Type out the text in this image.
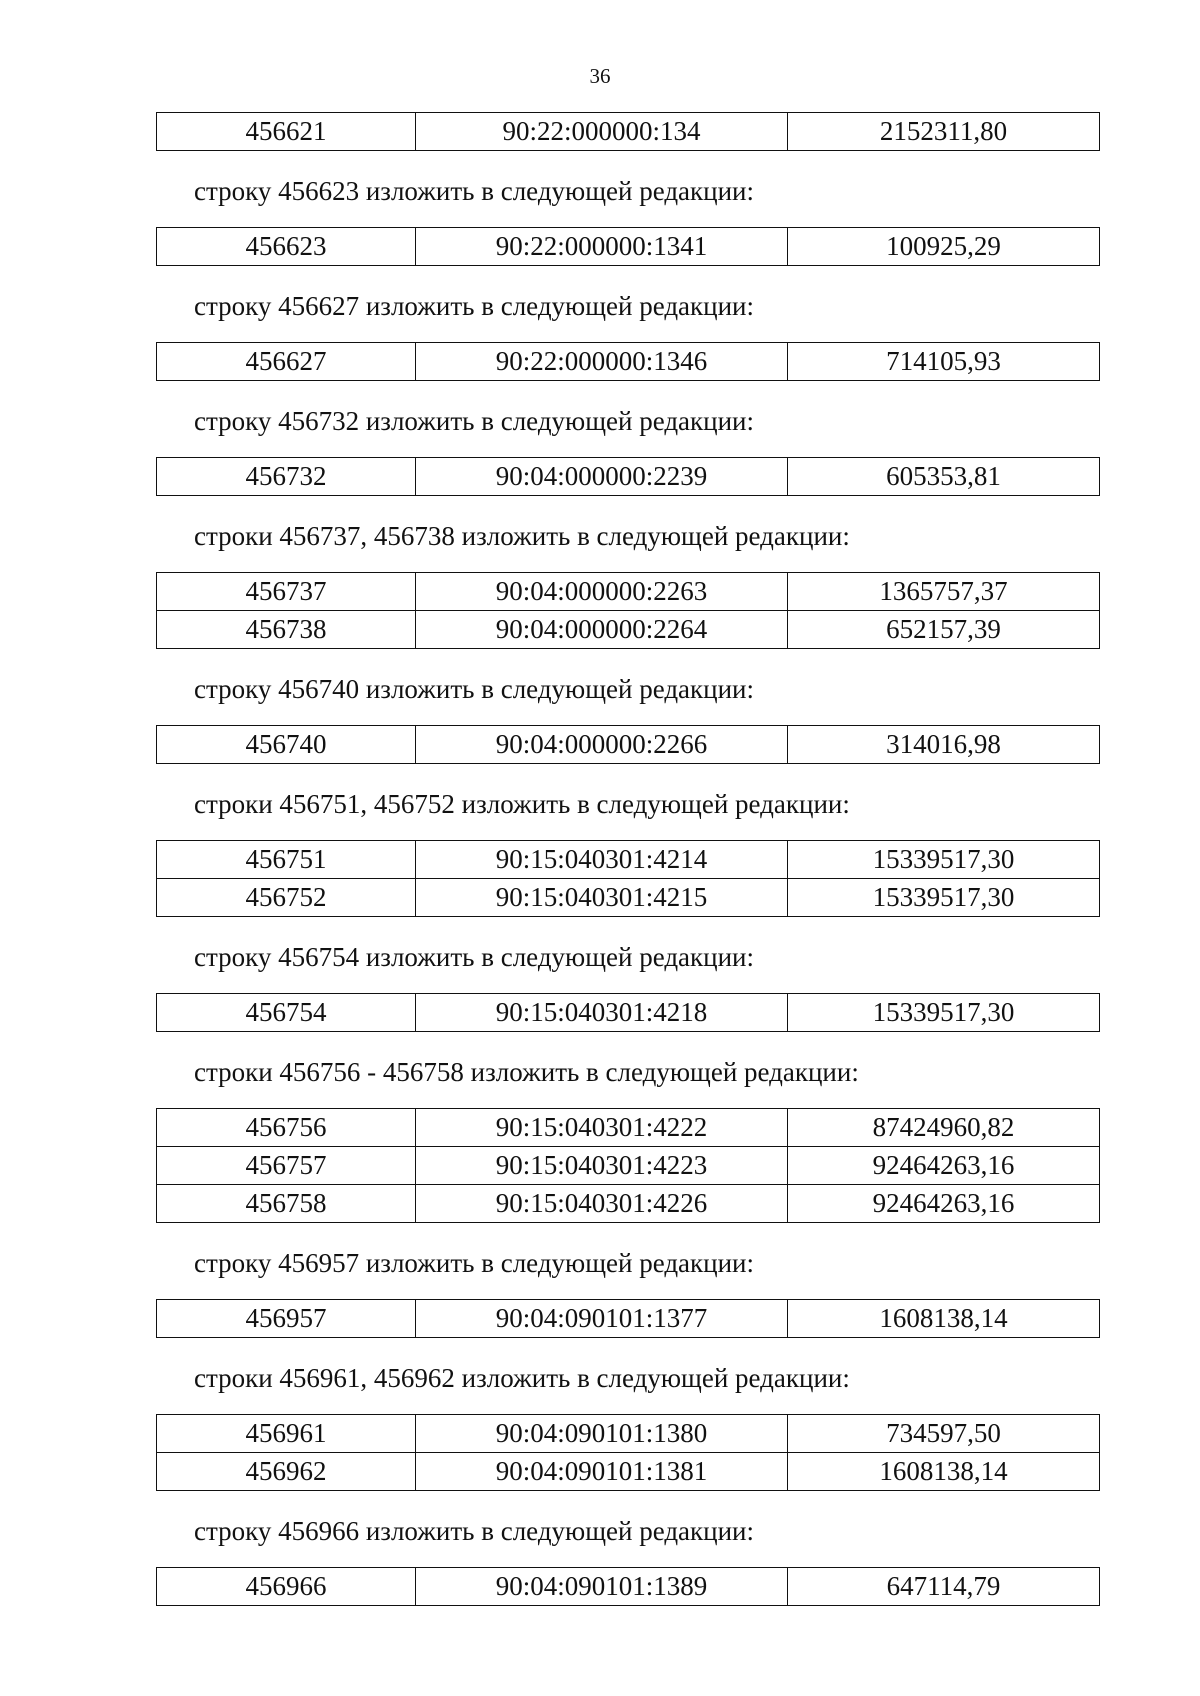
36
456621	90:22:000000:134	2152311,80
строку 456623 изложить в следующей редакции:
456623	90:22:000000:1341	100925,29
строку 456627 изложить в следующей редакции:
456627	90:22:000000:1346	714105,93
строку 456732 изложить в следующей редакции:
456732	90:04:000000:2239	605353,81
строки 456737, 456738 изложить в следующей редакции:
456737	90:04:000000:2263	1365757,37
456738	90:04:000000:2264	652157,39
строку 456740 изложить в следующей редакции:
456740	90:04:000000:2266	314016,98
строки 456751, 456752 изложить в следующей редакции:
456751	90:15:040301:4214	15339517,30
456752	90:15:040301:4215	15339517,30
строку 456754 изложить в следующей редакции:
456754	90:15:040301:4218	15339517,30
строки 456756 - 456758 изложить в следующей редакции:
456756	90:15:040301:4222	87424960,82
456757	90:15:040301:4223	92464263,16
456758	90:15:040301:4226	92464263,16
строку 456957 изложить в следующей редакции:
456957	90:04:090101:1377	1608138,14
строки 456961, 456962 изложить в следующей редакции:
456961	90:04:090101:1380	734597,50
456962	90:04:090101:1381	1608138,14
строку 456966 изложить в следующей редакции:
456966	90:04:090101:1389	647114,79
